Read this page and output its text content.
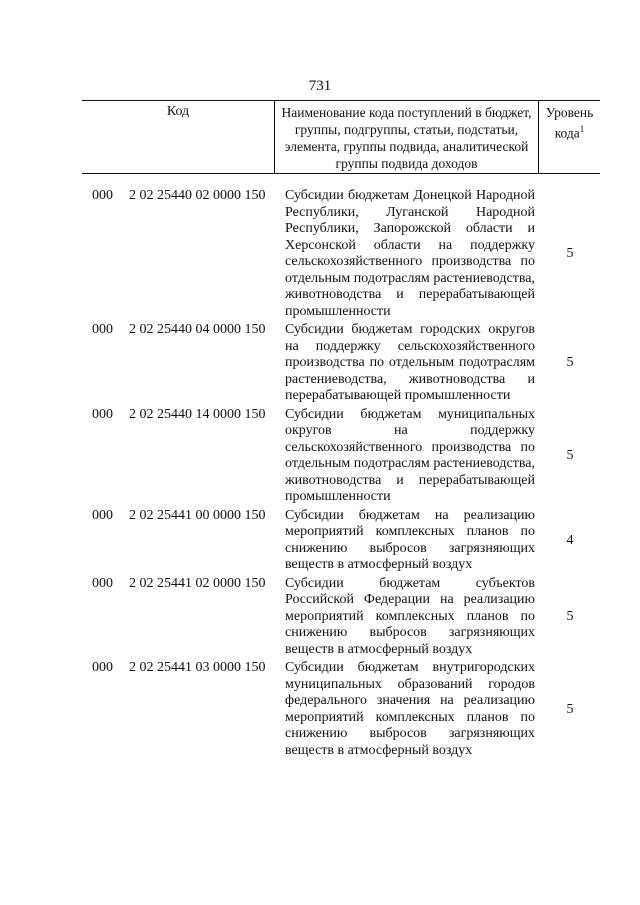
731
Код	Наименование кода поступлений в бюджет, группы, подгруппы, статьи, подстатьи, элемента, группы подвида, аналитической группы подвида доходов
Уровень кода$^1$
000 2 02 25440 02 0000 150 Субсидии бюджетам Донецкой Народной Республики, Луганской Народной Республики, Запорожской области и Херсонской области на поддержку сельскохозяйственного производства по отдельным подотраслям растениеводства, животноводства и перерабатывающей промышленности
5
000 2 02 25440 04 0000 150 Субсидии бюджетам городских округов на поддержку сельскохозяйственного производства по отдельным подотраслям растениеводства, животноводства и перерабатывающей промышленности
5
000 2 02 25440 14 0000 150 Субсидии бюджетам муниципальных округов на поддержку сельскохозяйственного производства по отдельным подотраслям растениеводства, животноводства и перерабатывающей промышленности
5
000 2 02 25441 00 0000 150 Субсидии бюджетам на реализацию мероприятий комплексных планов по снижению выбросов загрязняющих веществ в атмосферный воздух
4
000 2 02 25441 02 0000 150 Субсидии бюджетам субъектов Российской Федерации на реализацию мероприятий комплексных планов по снижению выбросов загрязняющих веществ в атмосферный воздух
5
000 2 02 25441 03 0000 150 Субсидии бюджетам внутригородских муниципальных образований городов федерального значения на реализацию мероприятий комплексных планов по снижению выбросов загрязняющих веществ в атмосферный воздух
5
